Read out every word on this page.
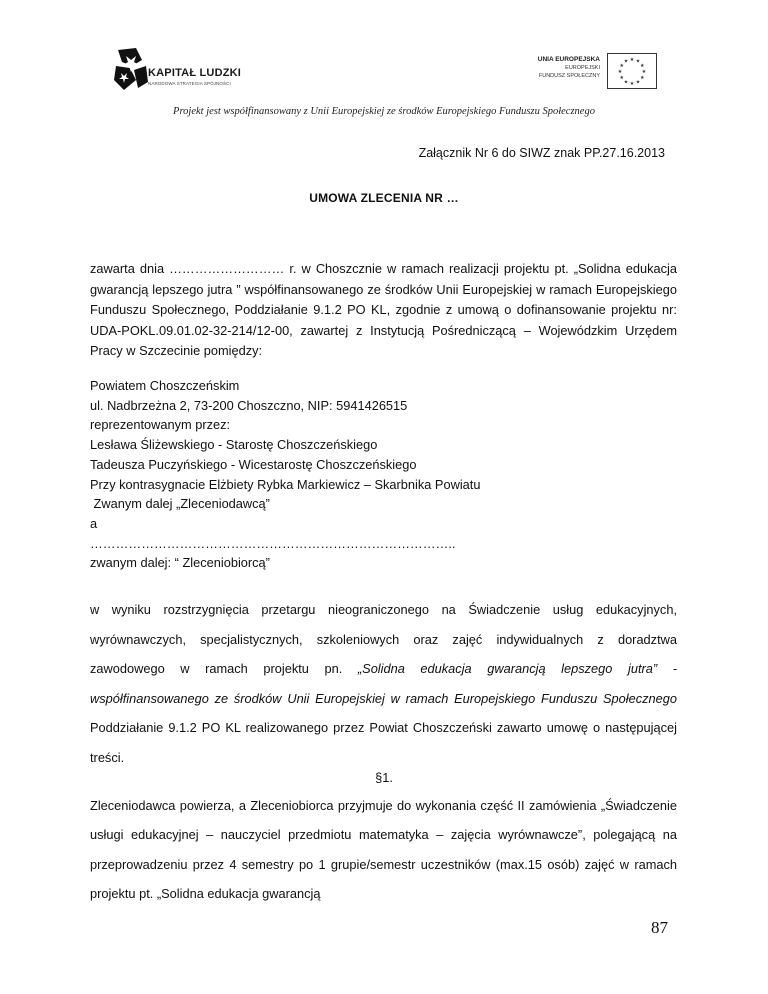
KAPITAŁ LUDZKI
NARODOWA STRATEGIA SPÓJNOŚCI
UNIA EUROPEJSKA
EUROPEJSKI
FUNDUSZ SPOŁECZNY
★ ★
★
★
★
★
★
★
★
★
★
★
Projekt jest współfinansowany z Unii Europejskiej ze środków Europejskiego Funduszu Społecznego
Załącznik Nr 6 do SIWZ znak PP.27.16.2013
UMOWA ZLECENIA NR …
zawarta dnia ……………………… r. w Choszcznie w ramach realizacji projektu pt. „Solidna edukacja gwarancją lepszego jutra ” współfinansowanego ze środków Unii Europejskiej w ramach Europejskiego Funduszu Społecznego, Poddziałanie 9.1.2 PO KL, zgodnie z umową o dofinansowanie projektu nr: UDA-POKL.09.01.02-32-214/12-00, zawartej z Instytucją Pośredniczącą – Wojewódzkim Urzędem Pracy w Szczecinie pomiędzy:
Powiatem Choszczeńskim
ul. Nadbrzeżna 2, 73-200 Choszczno, NIP: 5941426515
reprezentowanym przez:
Lesława Śliżewskiego - Starostę Choszczeńskiego
Tadeusza Puczyńskiego - Wicestarostę Choszczeńskiego
Przy kontrasygnacie Elżbiety Rybka Markiewicz – Skarbnika Powiatu
Zwanym dalej „Zleceniodawcą”
a
…………………………………………………………………………..
zwanym dalej: “ Zleceniobiorcą”
w wyniku rozstrzygnięcia przetargu nieograniczonego na Świadczenie usług edukacyjnych, wyrównawczych, specjalistycznych, szkoleniowych oraz zajęć indywidualnych z doradztwa zawodowego w ramach projektu pn. „Solidna edukacja gwarancją lepszego jutra” - współfinansowanego ze środków Unii Europejskiej w ramach Europejskiego Funduszu Społecznego Poddziałanie 9.1.2 PO KL realizowanego przez Powiat Choszczeński zawarto umowę o następującej treści.
§1.
Zleceniodawca powierza, a Zleceniobiorca przyjmuje do wykonania część II zamówienia „Świadczenie usługi edukacyjnej – nauczyciel przedmiotu matematyka – zajęcia wyrównawcze”, polegającą na przeprowadzeniu przez 4 semestry po 1 grupie/semestr uczestników (max.15 osób) zajęć w ramach projektu pt. „Solidna edukacja gwarancją
87
